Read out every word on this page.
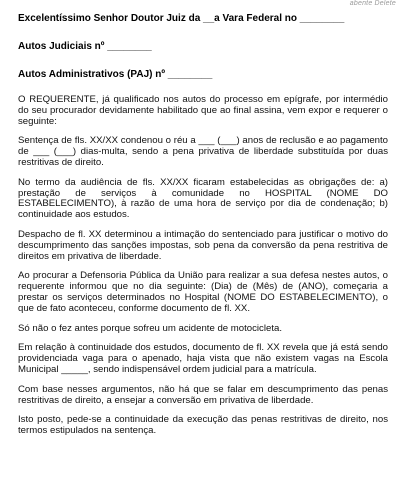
abente Delete
Excelentíssimo Senhor Doutor Juiz da __a Vara Federal no ________
Autos Judiciais nº ________
Autos Administrativos (PAJ) nº ________

O REQUERENTE, já qualificado nos autos do processo em epígrafe, por intermédio do seu procurador devidamente habilitado que ao final assina, vem expor e requerer o seguinte:

Sentença de fls. XX/XX condenou o réu a ___ (___) anos de reclusão e ao pagamento de ___ (___) dias-multa, sendo a pena privativa de liberdade substituída por duas restritivas de direito.

No termo da audiência de fls. XX/XX ficaram estabelecidas as obrigações de: a) prestação de serviços à comunidade no HOSPITAL (NOME DO ESTABELECIMENTO), à razão de uma hora de serviço por dia de condenação; b) continuidade aos estudos.

Despacho de fl. XX determinou a intimação do sentenciado para justificar o motivo do descumprimento das sanções impostas, sob pena da conversão da pena restritiva de direitos em privativa de liberdade.

Ao procurar a Defensoria Pública da União para realizar a sua defesa nestes autos, o requerente informou que no dia seguinte: (Dia) de (Mês) de (ANO), começaria a prestar os serviços determinados no Hospital (NOME DO ESTABELECIMENTO), o que de fato aconteceu, conforme documento de fl. XX.

Só não o fez antes porque sofreu um acidente de motocicleta.

Em relação à continuidade dos estudos, documento de fl. XX revela que já está sendo providenciada vaga para o apenado, haja vista que não existem vagas na Escola Municipal _____, sendo indispensável ordem judicial para a matrícula.

Com base nesses argumentos, não há que se falar em descumprimento das penas restritivas de direito, a ensejar a conversão em privativa de liberdade.

Isto posto, pede-se a continuidade da execução das penas restritivas de direito, nos termos estipulados na sentença.
